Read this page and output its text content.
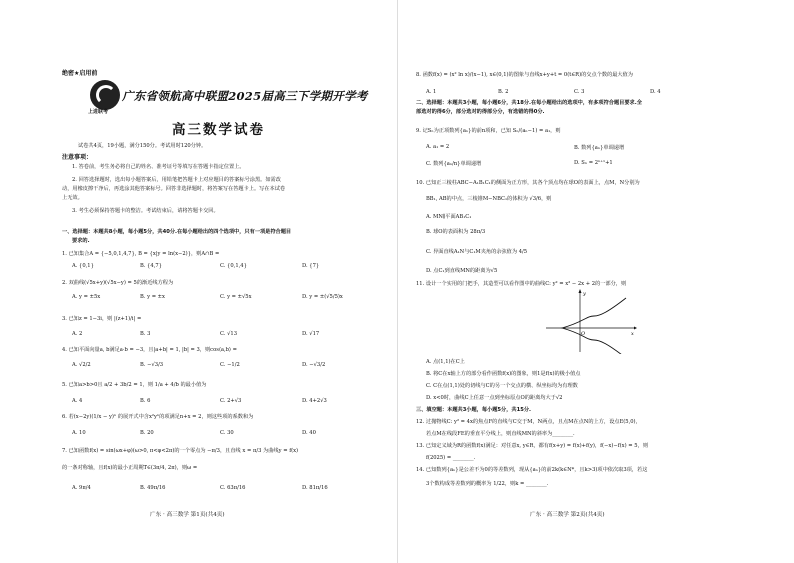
绝密★启用前
上进联考
广东省领航高中联盟2025届高三下学期开学考
高三数学试卷
试卷共4页，19小题，满分150分。考试用时120分钟。
注意事项：
1. 答卷前，考生务必将自己的姓名、准考证号等填写在答题卡指定位置上。
2. 回答选择题时，选出每小题答案后，用铅笔把答题卡上对应题目的答案标号涂黑。如需改
动，用橡皮擦干净后，再选涂其他答案标号。回答非选择题时，将答案写在答题卡上。写在本试卷
上无效。
3. 考生必须保持答题卡的整洁。考试结束后，请将答题卡交回。
一、选择题：本题共8小题，每小题5分，共40分.在每小题给出的四个选项中，只有一项是符合题目
要求的.
1. 已知集合A = {−5,0,1,4,7}, B = {x|y = ln(x−2)}，则A∩B =
A. {0,1}	B. {4,7}	C. {0,1,4}	D. {7}
2. 双曲线(√5x+y)(√5x−y) = 5的渐近线方程为
A. y = ±5x	B. y = ±x	C. y = ±√5x	D. y = ±(√5/5)x
3. 已知z = 1−3i，则 |(z+1)/i| =
A. 2	B. 3	C. √13	D. √17
4. 已知平面向量a, b满足a·b = −3，且|a+b| = 1, |b| = 3，则cos⟨a,b⟩ =
A. √2/2	B. −√3/3	C. −1/2	D. −√3/2
5. 已知a>b>0且 a/2 + 3b/2 = 1，则 1/a + 4/b 的最小值为
A. 4	B. 6	C. 2+√3	D. 4+2√3
6. 若(x−2y)(1/x − y)ⁿ 的展开式中含x²yⁿ的项满足n+x = 2，则这些项的系数和为
A. 10	B. 20	C. 30	D. 40
7. 已知函数f(x) = sin(ωx+φ)(ω>0, π<φ<2π)的一个零点为 −π/3，且直线 x = π/3 为曲线y = f(x)
的一条对称轴，且f(x)的最小正周期T∈(3π/4, 2π)，则ω =
A. 9π/4	B. 49π/16	C. 63π/16	D. 81π/16
广东 · 高三数学 第1页(共4页)
8. 函数f(x) = (x² ln x)/(x−1), x∈(0,1)的图象与直线x+y+t = 0(t∈R)的交点个数的最大值为
A. 1	B. 2	C. 3	D. 4
二、选择题：本题共3小题，每小题6分，共18分.在每小题给出的选项中，有多项符合题目要求.全
部选对的得6分，部分选对的得部分分，有选错的得0分.
9. 记Sₙ为正项数列{aₙ}的前n项和，已知 Sₙ/(aₙ−1) = a₁，则
A. a₁ = 2	B. 数列{aₙ}单调递增
C. 数列{aₙ/n}单调递增	D. Sₙ = 2ⁿ⁺¹+1
10. 已知正三棱柱ABC−A₁B₁C₁的侧面为正方形，其各个顶点均在球O的表面上，点M，N分别为
BB₁, AB的中点，三棱锥M−NBC₁的体积为 √3/6，则
A. MN∥平面AB₁C₁
B. 球O的表面积为 28π/3
C. 异面直线A₁N与C₁M夹角的余弦值为 4/5
D. 点C₁到直线MN的距离为√5
11. 设计一个实用的门把手，其造型可以看作图中的曲线C: y² = x³ − 2x + 2的一部分，则
y
x
O
A. 点(1,1)在C上
B. 将C在x轴上方的部分看作函数f(x)的图象，则1是f(x)的极小值点
C. C在点(1,1)处的切线与C的另一个交点的横、纵坐标均为有理数
D. x<0时，曲线C上任意一点到坐标原点O的距离均大于√2
三、填空题：本题共3小题，每小题5分，共15分.
12. 过抛物线C: y² = 4x的焦点F的直线与C交于M，N两点，且点M在点N的上方，设点E(5,0)，
若点M在线段FE的垂直平分线上，则直线MN的斜率为________.
13. 已知定义域为R的函数f(x)满足：对任意x, y∈R，都有f(x+y) = f(x)+f(y)，f(−x)−f(x) = 5，则
f(2025) = ________.
14. 已知数列{aₙ}是公差不为0的等差数列，现从{aₙ}的前2k(k∈N*，且k>3)项中依次取3项，若这
3个数构成等差数列的概率为 1/22，则k = ________.
广东 · 高三数学 第2页(共4页)
